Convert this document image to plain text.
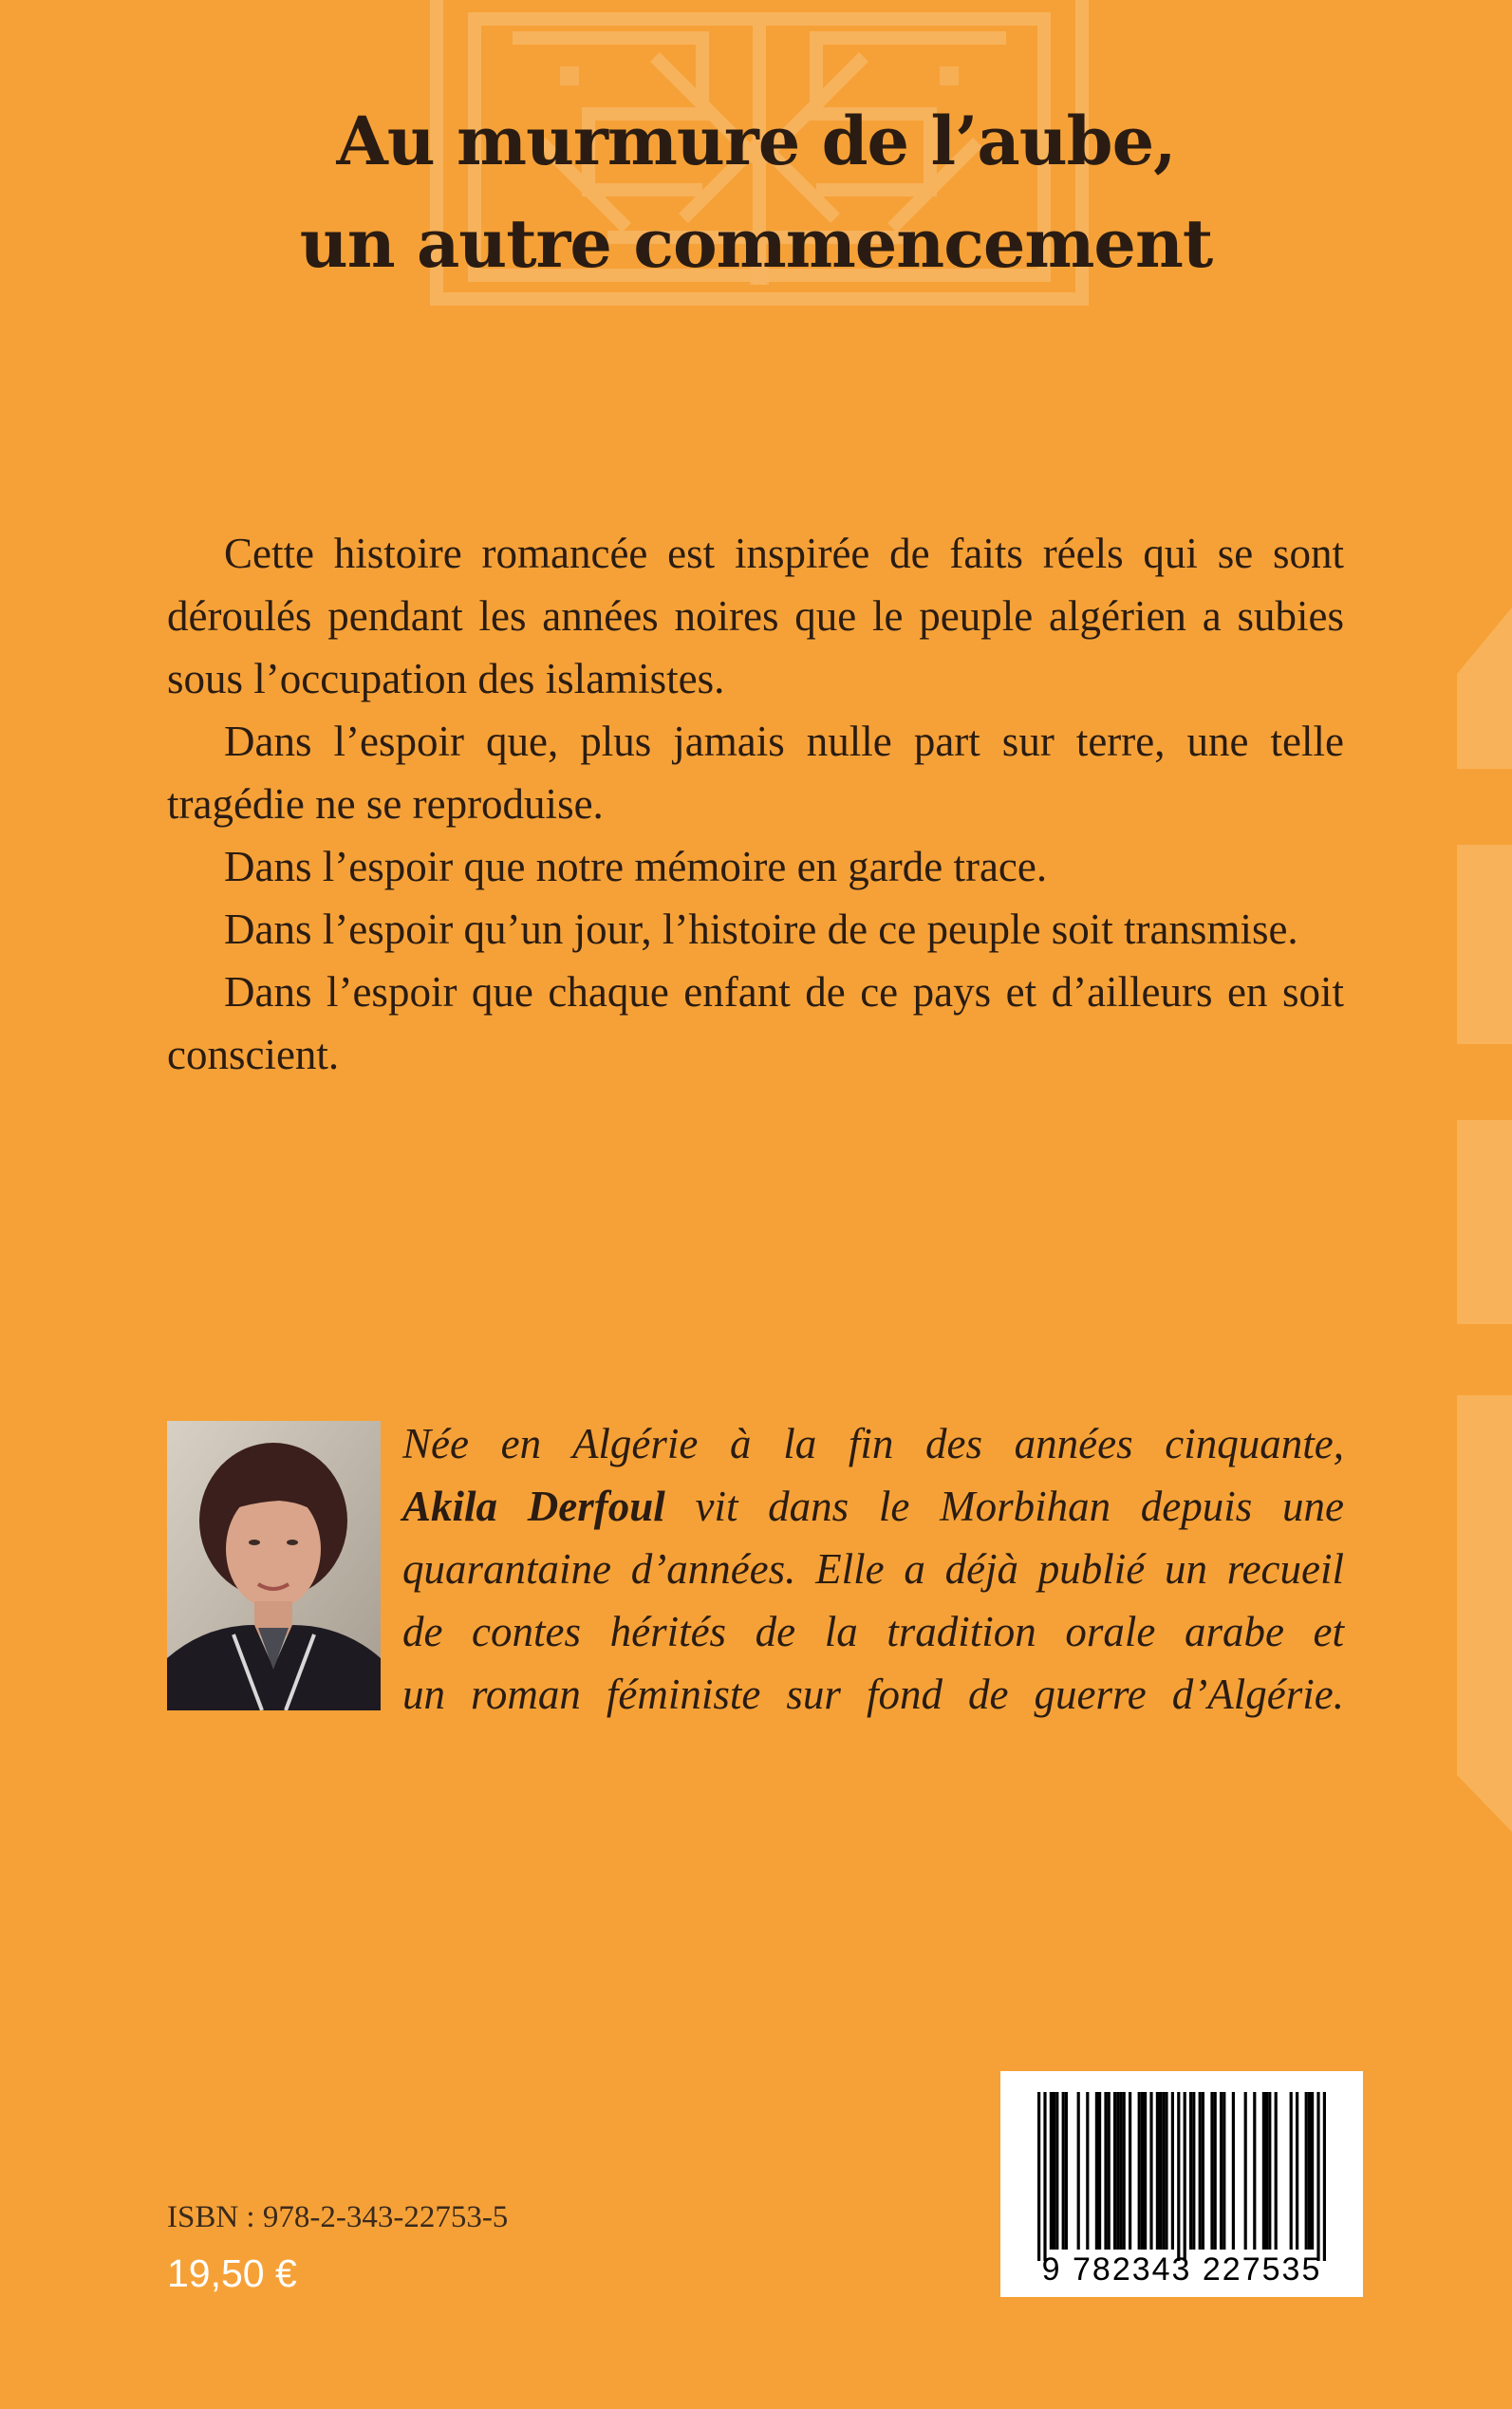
Au murmure de l’aube,
un autre commencement

Cette histoire romancée est inspirée de faits réels qui se sont déroulés pendant les années noires que le peuple algérien a subies sous l’occupation des islamistes.

Dans l’espoir que, plus jamais nulle part sur terre, une telle tragédie ne se reproduise.

Dans l’espoir que notre mémoire en garde trace.

Dans l’espoir qu’un jour, l’histoire de ce peuple soit transmise.

Dans l’espoir que chaque enfant de ce pays et d’ailleurs en soit conscient.

Née en Algérie à la fin des années cinquante,
Akila Derfoul vit dans le Morbihan depuis une
quarantaine d’années. Elle a déjà publié un recueil
de contes hérités de la tradition orale arabe et
un roman féministe sur fond de guerre d’Algérie.

ISBN : 978-2-343-22753-5
19,50 €	9 782343 227535
